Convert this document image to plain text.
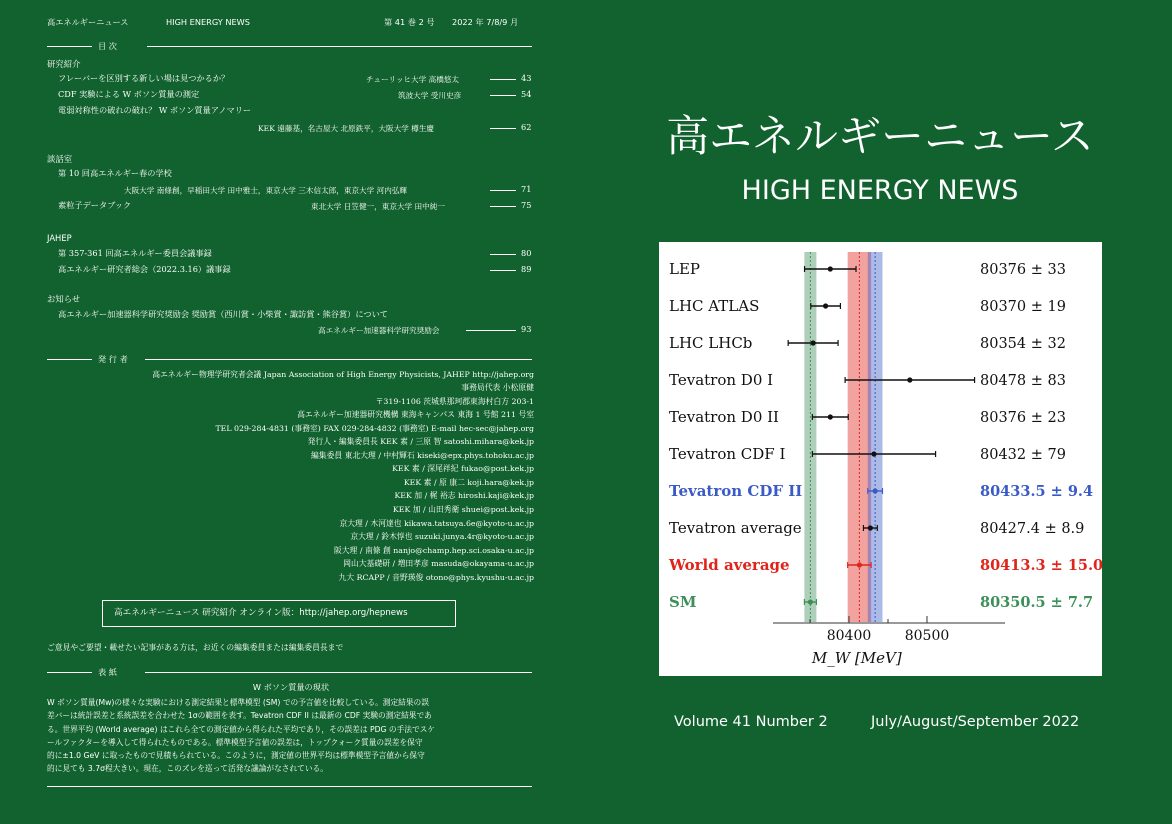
高エネルギーニュース	HIGH ENERGY NEWS	第 41 巻 2 号 2022 年 7/8/9 月
目 次
研究紹介
フレーバーを区別する新しい場は見つかるか？	チューリッヒ大学 高橋悠太	43
CDF 実験による W ボソン質量の測定	筑波大学 受川史彦	54
電弱対称性の破れの破れ？ W ボソン質量アノマリー
KEK 遠藤基，名古屋大 北原鉄平，大阪大学 樽生慶	62
談話室
第 10 回高エネルギー春の学校
大阪大学 南條創，早稲田大学 田中雅士，東京大学 三木信太郎，東京大学 河内弘輝	71
素粒子データブック	東北大学 日笠健一，東京大学 田中純一	75
JAHEP
第 357-361 回高エネルギー委員会議事録	80
高エネルギー研究者総会（2022.3.16）議事録	89
お知らせ
高エネルギー加速器科学研究奨励会 奨励賞（西川賞・小柴賞・諏訪賞・熊谷賞）について
高エネルギー加速器科学研究奨励会	93
発 行 者
高エネルギー物理学研究者会議 Japan Association of High Energy Physicists, JAHEP http://jahep.org
事務局代表 小松原健
〒319-1106 茨城県那珂郡東海村白方 203-1
高エネルギー加速器研究機構 東海キャンパス 東海 1 号館 211 号室
TEL 029-284-4831 (事務室) FAX 029-284-4832 (事務室) E-mail hec-sec@jahep.org
発行人・編集委員長 KEK 素 / 三原 智 satoshi.mihara@kek.jp
編集委員 東北大理 / 中村輝石 kiseki@epx.phys.tohoku.ac.jp
KEK 素 / 深尾祥紀 fukao@post.kek.jp
KEK 素 / 原 康二 koji.hara@kek.jp
KEK 加 / 梶 裕志 hiroshi.kaji@kek.jp
KEK 加 / 山田秀衛 shuei@post.kek.jp
京大理 / 木河達也 kikawa.tatsuya.6e@kyoto-u.ac.jp
京大理 / 鈴木惇也 suzuki.junya.4r@kyoto-u.ac.jp
阪大理 / 南條 創 nanjo@champ.hep.sci.osaka-u.ac.jp
岡山大基礎研 / 増田孝彦 masuda@okayama-u.ac.jp
九大 RCAPP / 音野瑛俊 otono@phys.kyushu-u.ac.jp
高エネルギーニュース 研究紹介 オンライン版：http://jahep.org/hepnews
ご意見やご要望・載せたい記事がある方は，お近くの編集委員または編集委員長まで
表 紙
W ボソン質量の現状
W ボソン質量(Mw)の様々な実験における測定結果と標準模型 (SM) での予言値を比較している。測定結果の誤
差バーは統計誤差と系統誤差を合わせた 1σの範囲を表す。Tevatron CDF II は最新の CDF 実験の測定結果であ
る。世界平均 (World average) はこれら全ての測定値から得られた平均であり，その誤差は PDG の手法でスケ
ールファクターを導入して得られたものである。標準模型予言値の誤差は，トップクォーク質量の誤差を保守
的に±1.0 GeV に取ったもので見積もられている。このように，測定値の世界平均は標準模型予言値から保守
的に見ても 3.7σ程大きい。現在，このズレを巡って活発な議論がなされている。
高エネルギーニュース
HIGH ENERGY NEWS
LEP	80376 ± 33
LHC ATLAS	80370 ± 19
LHC LHCb	80354 ± 32
Tevatron D0 I	80478 ± 83
Tevatron D0 II	80376 ± 23
Tevatron CDF I	80432 ± 79
Tevatron CDF II	80433.5 ± 9.4
Tevatron average	80427.4 ± 8.9
World average	80413.3 ± 15.0
SM	80350.5 ± 7.7
80400 80500
M_W [MeV]
Volume 41 Number 2	July/August/September 2022
